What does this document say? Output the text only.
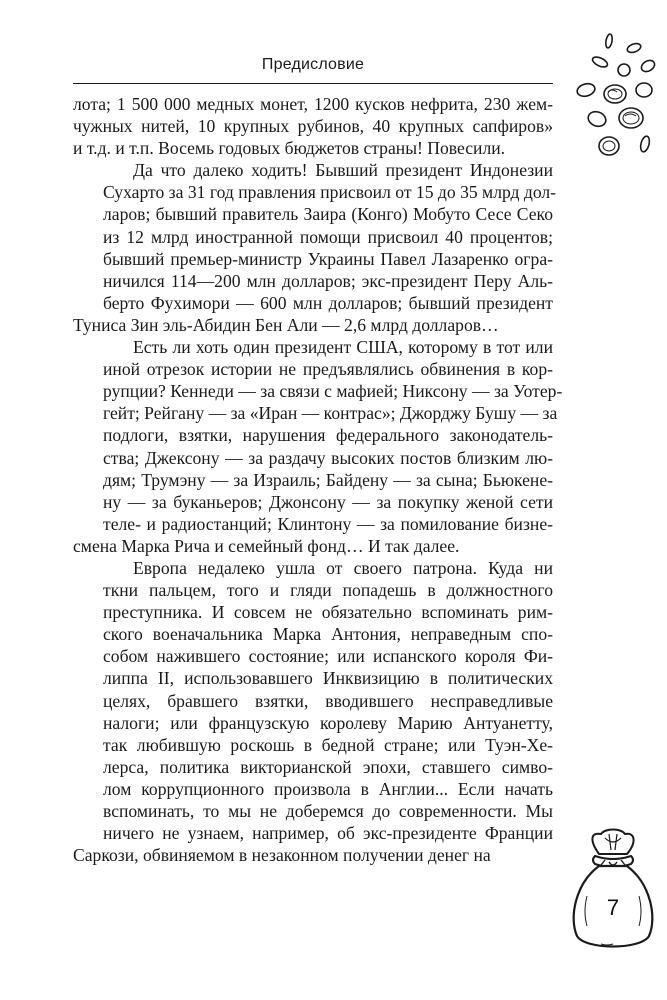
Предисловие
7

лота; 1 500 000 медных монет, 1200 кусков нефрита, 230 жем-чужных нитей, 10 крупных рубинов, 40 крупных сапфиров»и т.д. и т.п. Восемь годовых бюджетов страны! Повесили.

Да что далеко ходить! Бывший президент ИндонезииСухарто за 31 год правления присвоил от 15 до 35 млрд дол-ларов; бывший правитель Заира (Конго) Мобуто Сесе Секоиз 12 млрд иностранной помощи присвоил 40 процентов;бывший премьер-министр Украины Павел Лазаренко огра-ничился 114—200 млн долларов; экс-президент Перу Аль-берто Фухимори — 600 млн долларов; бывший президентТуниса Зин эль-Абидин Бен Али — 2,6 млрд долларов…

Есть ли хоть один президент США, которому в тот илииной отрезок истории не предъявлялись обвинения в кор-рупции? Кеннеди — за связи с мафией; Никсону — за Уотер-гейт; Рейгану — за «Иран — контрас»; Джорджу Бушу — заподлоги, взятки, нарушения федерального законодатель-ства; Джексону — за раздачу высоких постов близким лю-дям; Трумэну — за Израиль; Байдену — за сына; Бьюкене-ну — за буканьеров; Джонсону — за покупку женой сетителе- и радиостанций; Клинтону — за помилование бизне-смена Марка Рича и семейный фонд… И так далее.

Европа недалеко ушла от своего патрона. Куда ниткни пальцем, того и гляди попадешь в должностногопреступника. И совсем не обязательно вспоминать рим-ского военачальника Марка Антония, неправедным спо-собом нажившего состояние; или испанского короля Фи-липпа II, использовавшего Инквизицию в политическихцелях, бравшего взятки, вводившего несправедливыеналоги; или французскую королеву Марию Антуанетту,так любившую роскошь в бедной стране; или Туэн-Хе-лерса, политика викторианской эпохи, ставшего симво-лом коррупционного произвола в Англии... Если начатьвспоминать, то мы не доберемся до современности. Мыничего не узнаем, например, об экс-президенте ФранцииСаркози, обвиняемом в незаконном получении денег на
